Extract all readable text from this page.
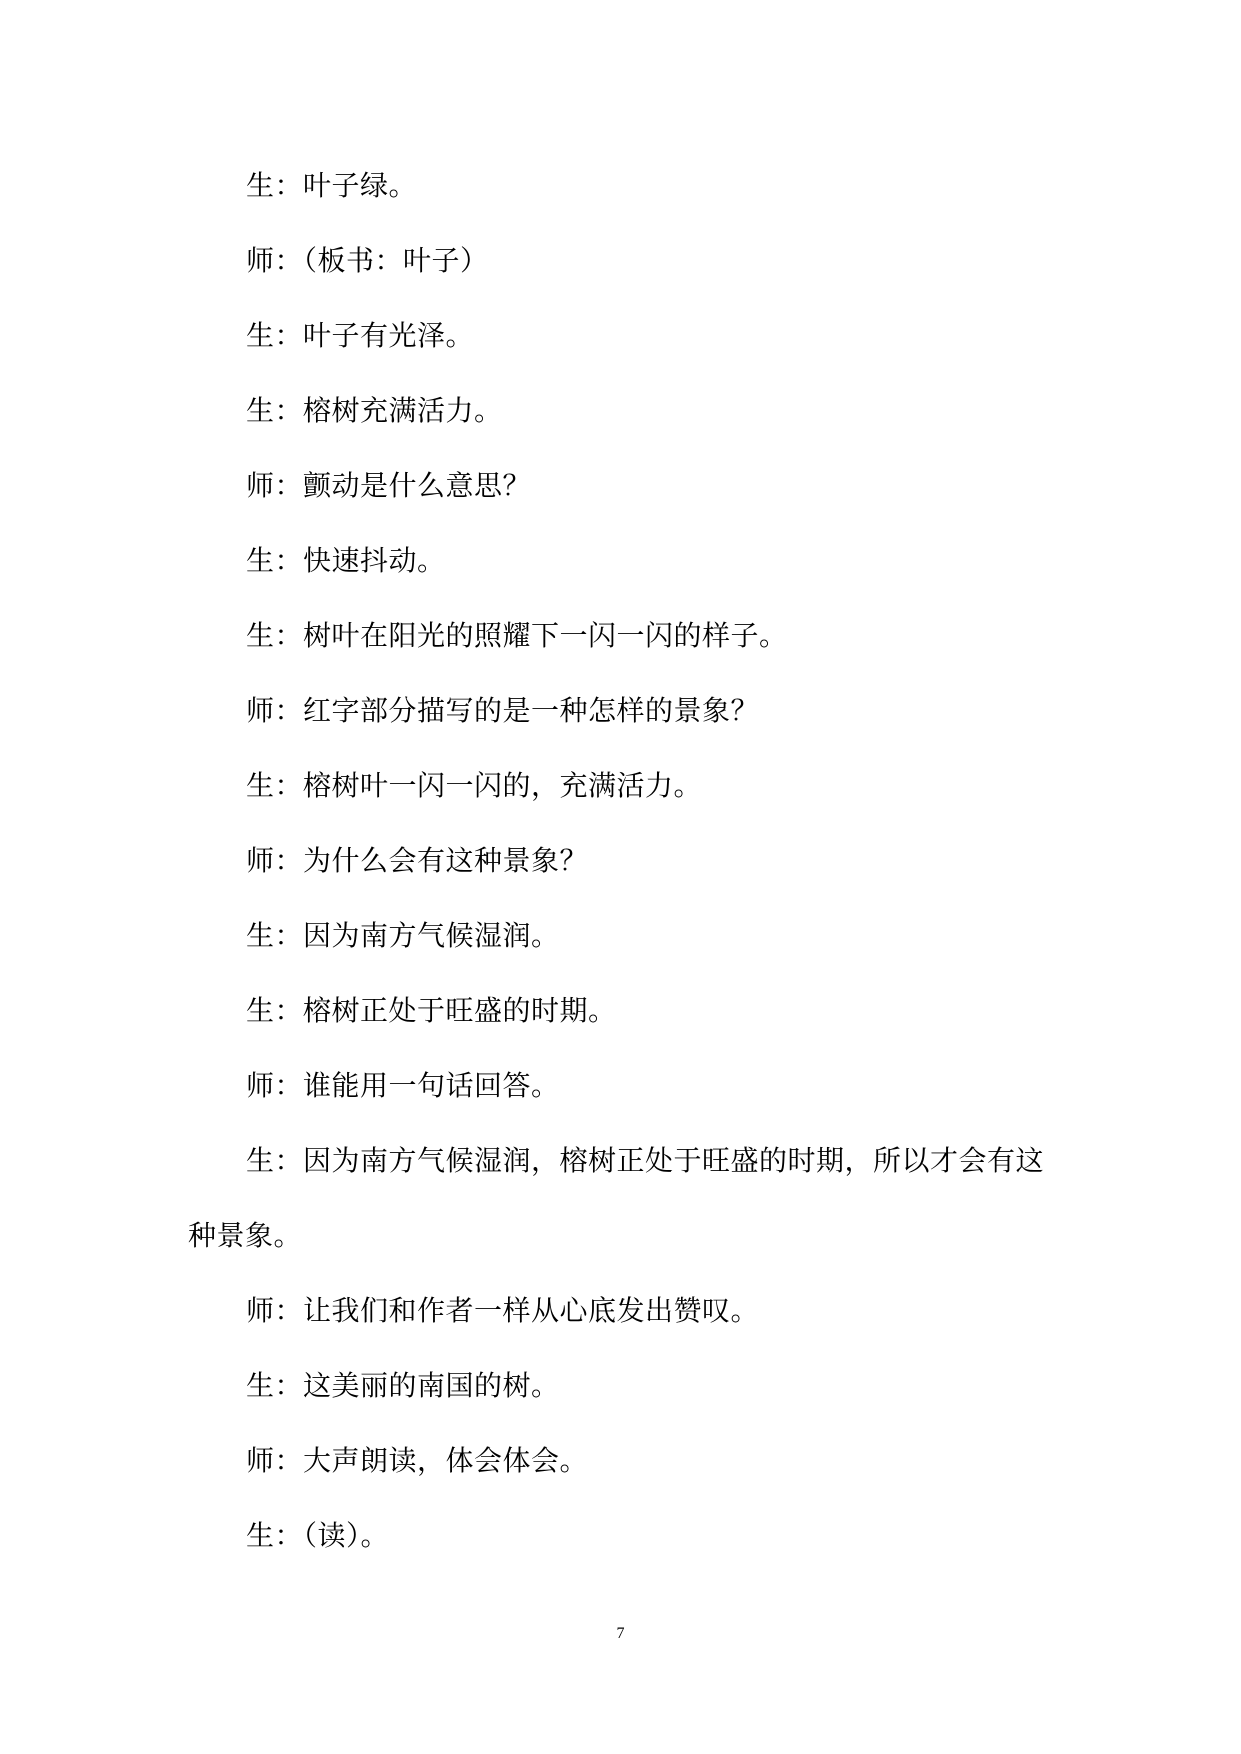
生：叶子绿。

师：（板书：叶子）

生：叶子有光泽。

生：榕树充满活力。

师：颤动是什么意思？

生：快速抖动。

生：树叶在阳光的照耀下一闪一闪的样子。

师：红字部分描写的是一种怎样的景象？

生：榕树叶一闪一闪的，充满活力。

师：为什么会有这种景象？

生：因为南方气候湿润。

生：榕树正处于旺盛的时期。

师：谁能用一句话回答。

生：因为南方气候湿润，榕树正处于旺盛的时期，所以才会有这种景象。

师：让我们和作者一样从心底发出赞叹。

生：这美丽的南国的树。

师：大声朗读，体会体会。

生：（读）。

7
